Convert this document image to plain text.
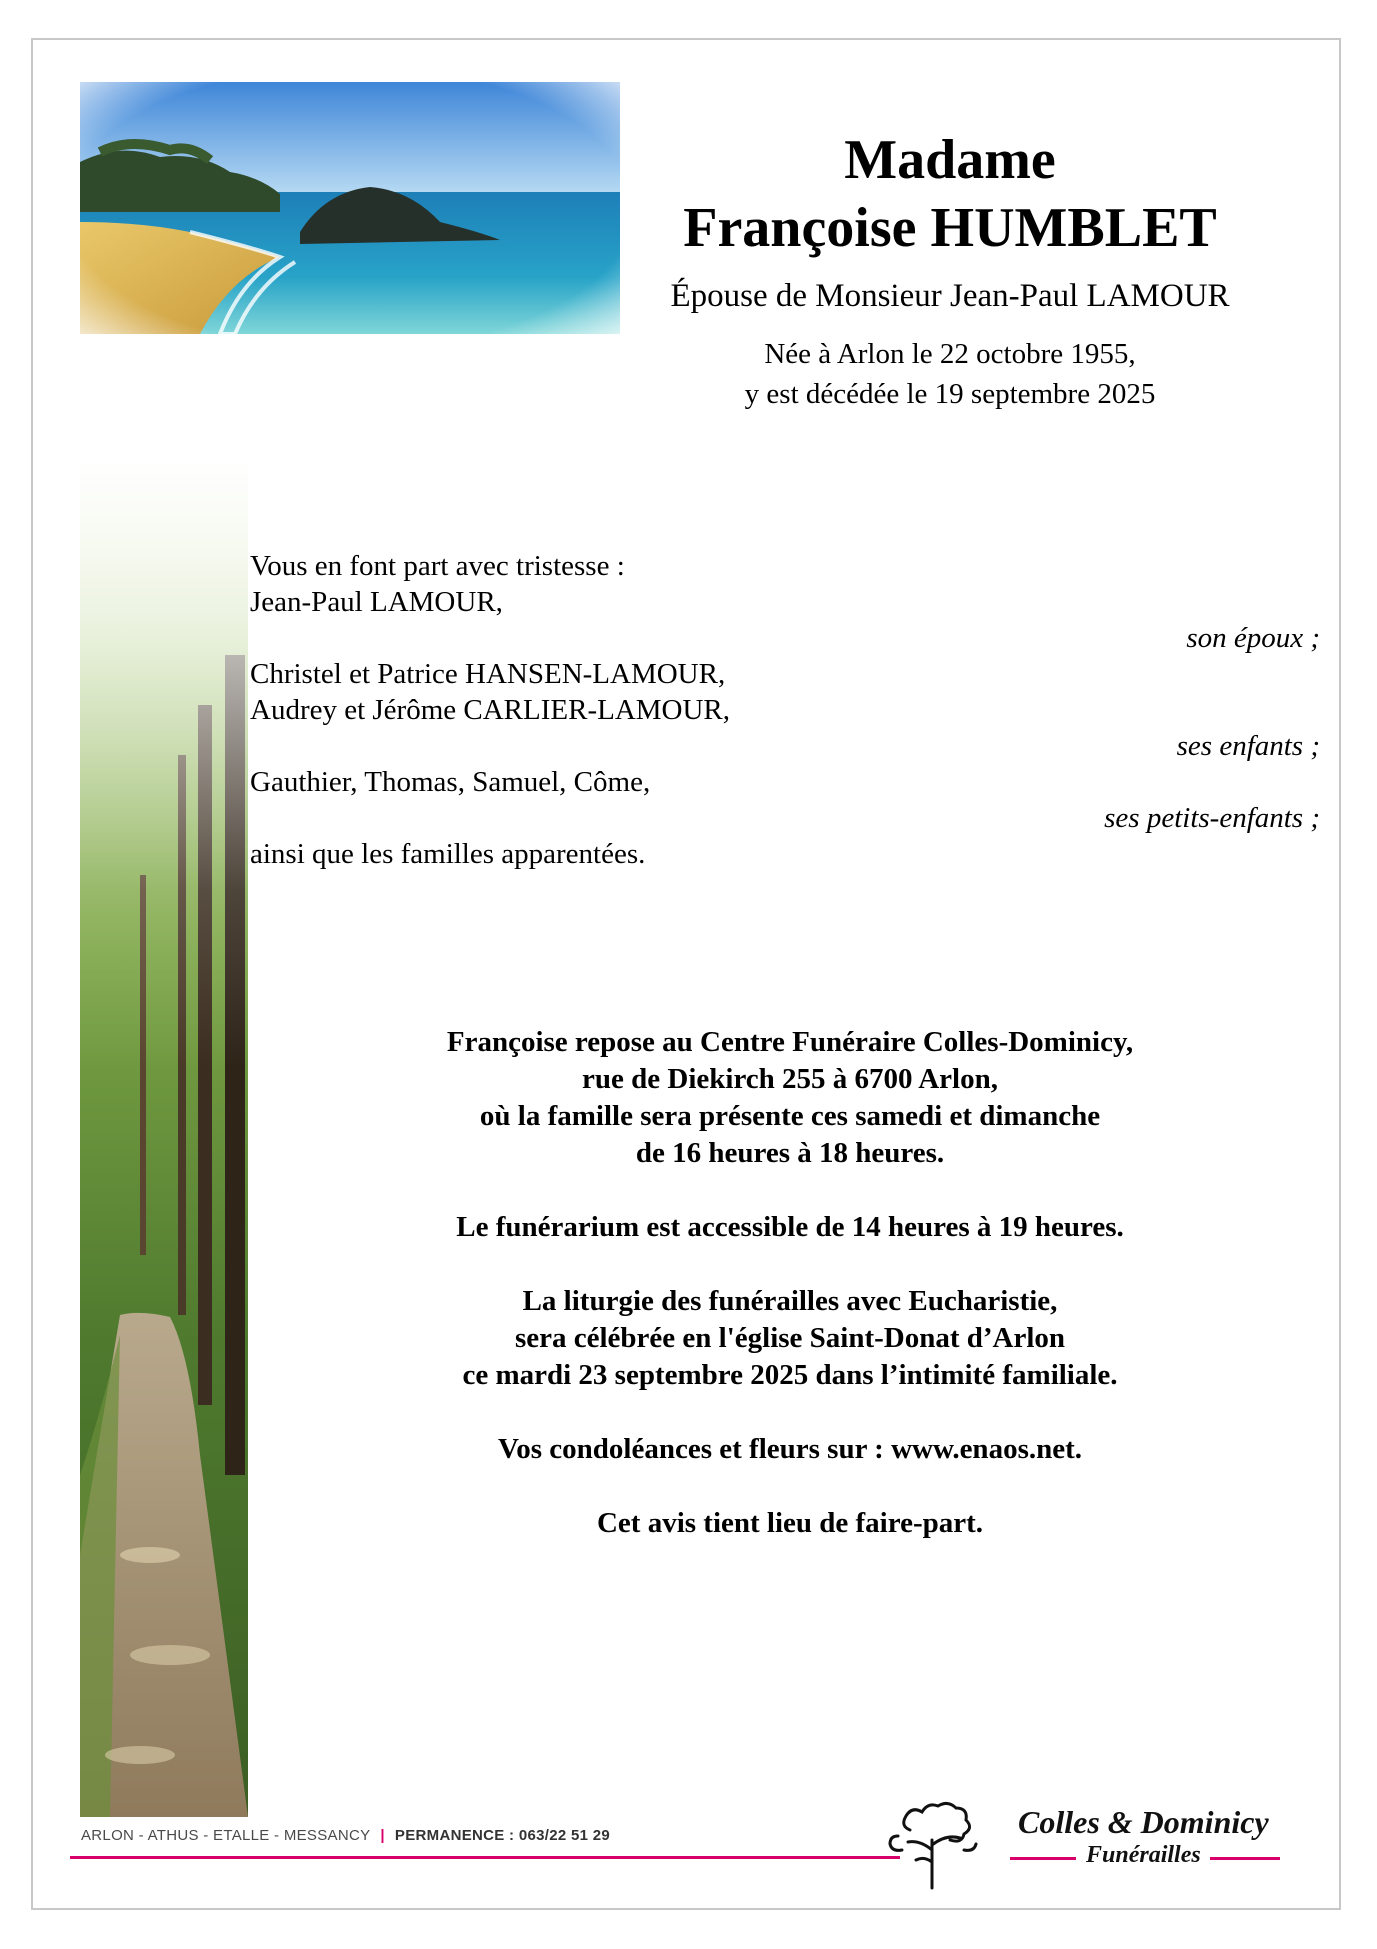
Madame
Françoise HUMBLET
Épouse de Monsieur Jean-Paul LAMOUR
Née à Arlon le 22 octobre 1955,
y est décédée le 19 septembre 2025
Vous en font part avec tristesse :
Jean-Paul LAMOUR,
son époux ;
Christel et Patrice HANSEN-LAMOUR,
Audrey et Jérôme CARLIER-LAMOUR,
ses enfants ;
Gauthier, Thomas, Samuel, Côme,
ses petits-enfants ;
ainsi que les familles apparentées.
Françoise repose au Centre Funéraire Colles-Dominicy,
rue de Diekirch 255 à 6700 Arlon,
où la famille sera présente ces samedi et dimanche
de 16 heures à 18 heures.
Le funérarium est accessible de 14 heures à 19 heures.
La liturgie des funérailles avec Eucharistie,
sera célébrée en l'église Saint-Donat d’Arlon
ce mardi 23 septembre 2025 dans l’intimité familiale.
Vos condoléances et fleurs sur : www.enaos.net.
Cet avis tient lieu de faire-part.
ARLON - ATHUS - ETALLE - MESSANCY | PERMANENCE : 063/22 51 29	Colles & Dominicy
Funérailles
